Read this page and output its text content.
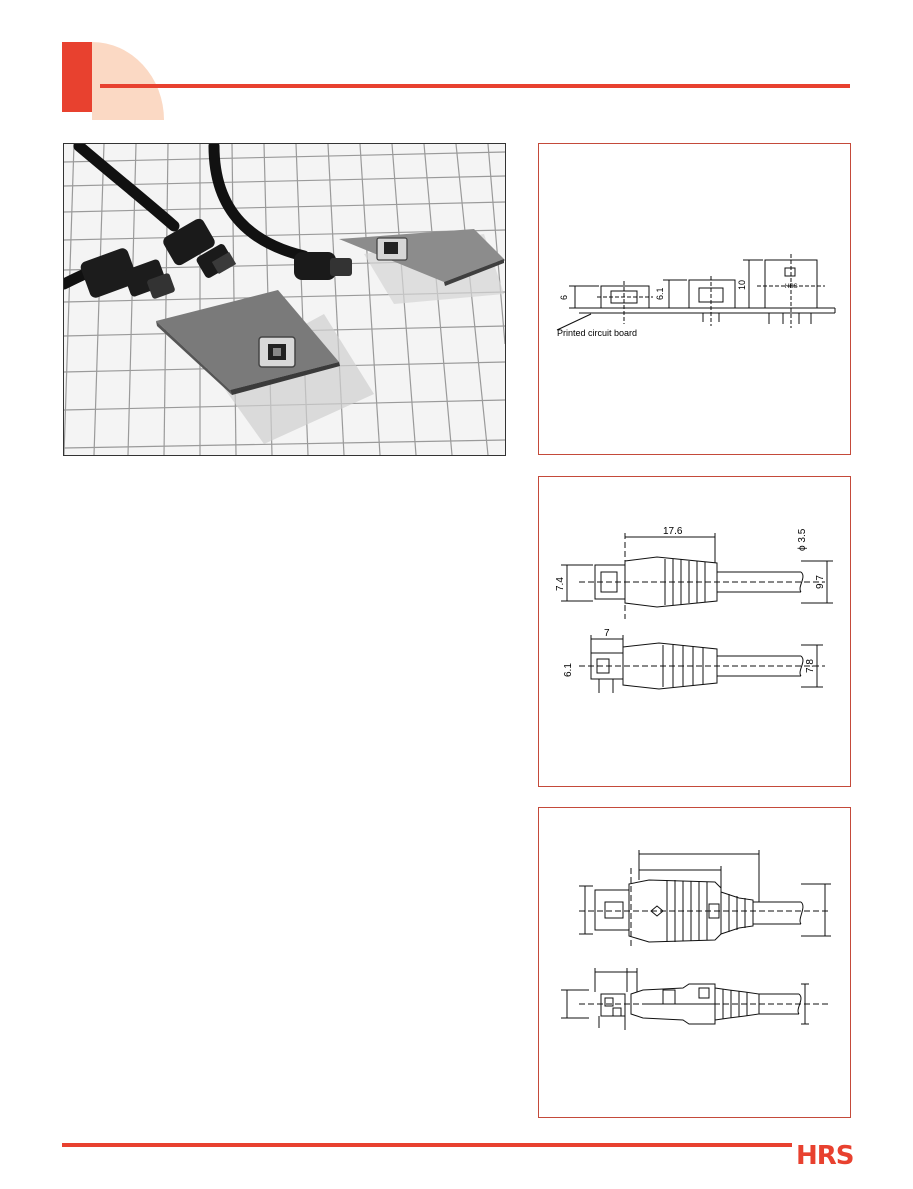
6	6.1
10
Printed circuit board
HRS
17.6	ϕ 3.5
7.4	9.7
7
6.1	7.8
HRS
